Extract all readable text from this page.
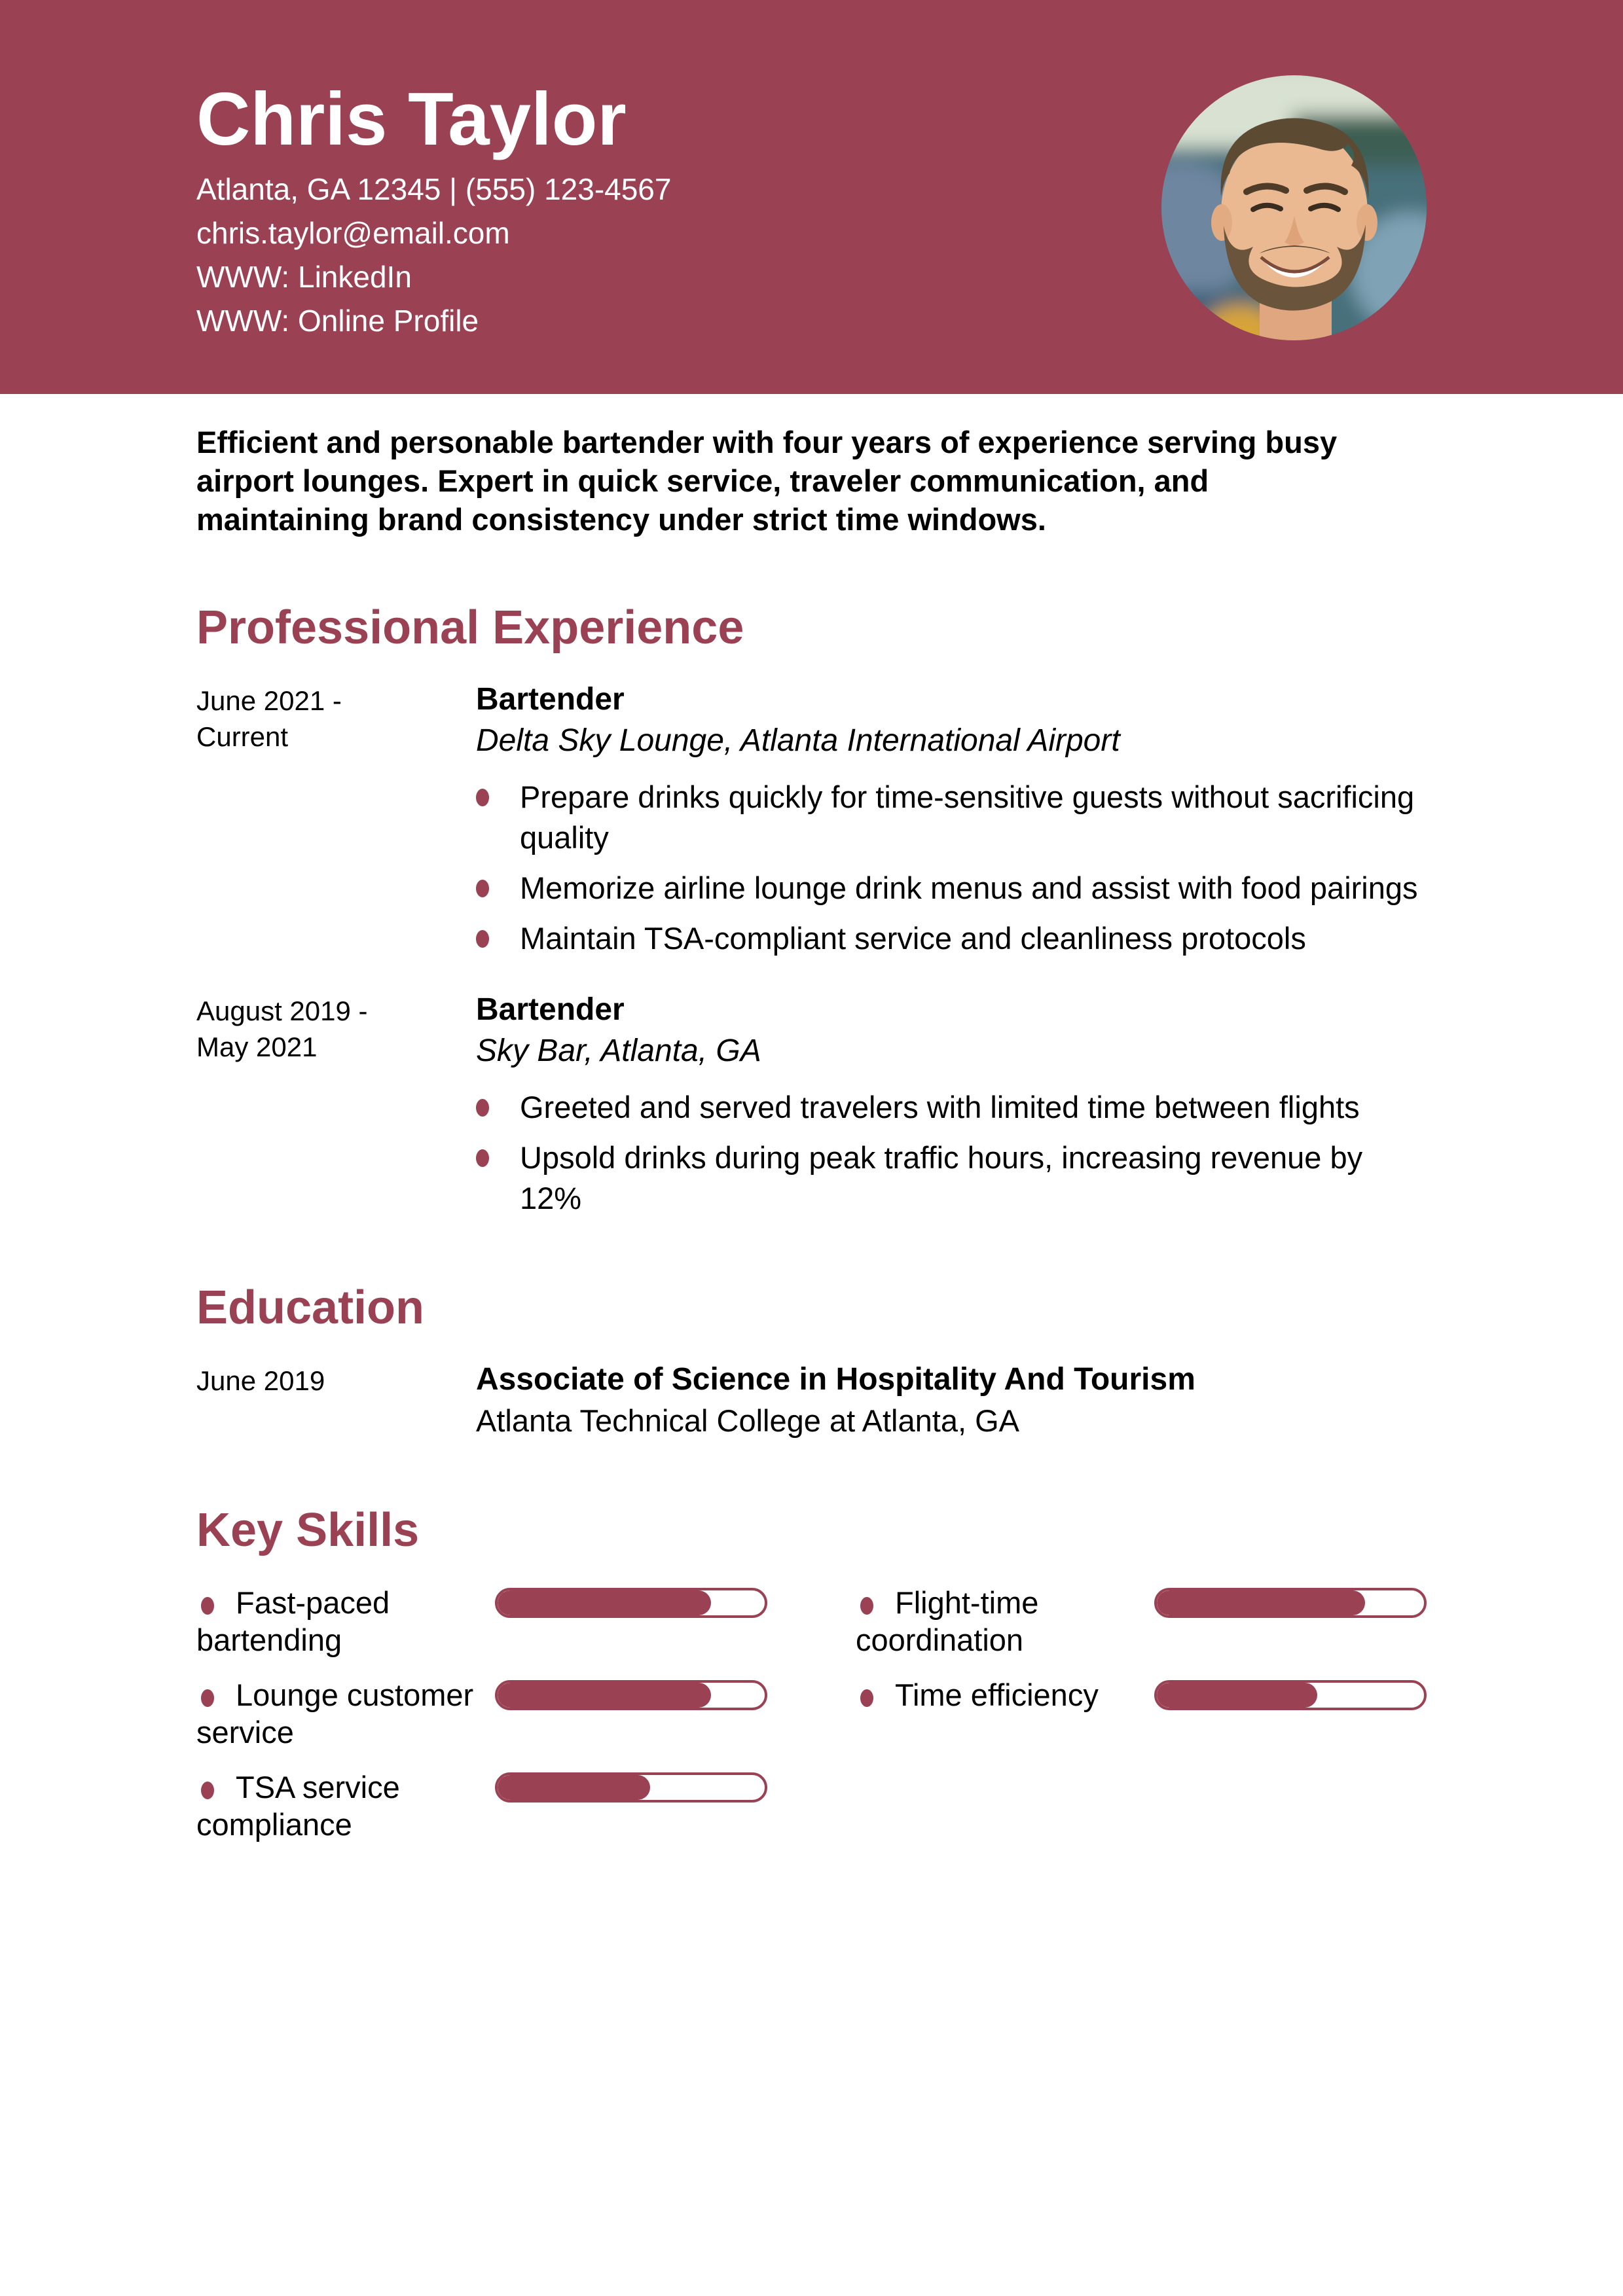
Chris Taylor
Atlanta, GA 12345 | (555) 123-4567
chris.taylor@email.com
WWW: LinkedIn
WWW: Online Profile

Efficient and personable bartender with four years of experience serving busy
airport lounges. Expert in quick service, traveler communication, and
maintaining brand consistency under strict time windows.

Professional Experience
June 2021 -
Current
Bartender
Delta Sky Lounge, Atlanta International Airport
Prepare drinks quickly for time-sensitive guests without sacrificing quality
Memorize airline lounge drink menus and assist with food pairings
Maintain TSA-compliant service and cleanliness protocols
August 2019 -
May 2021
Bartender
Sky Bar, Atlanta, GA
Greeted and served travelers with limited time between flights
Upsold drinks during peak traffic hours, increasing revenue by 12%
Education
June 2019	Associate of Science in Hospitality And Tourism
Atlanta Technical College at Atlanta, GA
Key Skills
Fast-paced bartending
Flight-time coordination
Lounge customer service
Time efficiency
TSA service compliance
